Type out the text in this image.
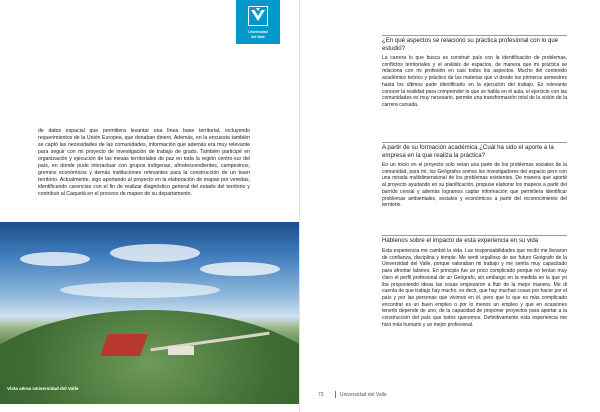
Universidad
del Valle

de datos espacial que permitiera levantar una línea base territorial, incluyendo requerimientos de la Unión Europea, que donaban dinero. Además, en la encuesta también se captó las necesidades de las comunidades, información que además era muy relevante para seguir con mi proyecto de investigación de trabajo de grado. También participé en organización y ejecución de las mesas territoriales de paz en toda la región centro-sur del país, en donde pude interactuar con grupos indígenas, afrodescendientes, campesinos, gremios económicos y demás instituciones relevantes para la construcción de un buen territorio. Actualmente, sigo aportando al proyecto en la elaboración de mapas por veredas, identificando carencias con el fin de realizar diagnóstico general del estado del territorio y contribuir al Caquetá en el proceso de mapeo de su departamento.

Vista aérea Universidad del Valle

¿En qué aspectos se relacionó su práctica profesional con lo que estudió?

La carrera lo que busca es construir país con la identificación de problemas, conflictos territoriales y el análisis de espacios, de manera que mi práctica se relaciona con mi profesión en casi todos los aspectos. Mucho del contenido académico teórico y práctico de las materias que vi desde los primeros semestres hasta los últimos pude identificarlo en la ejecución del trabajo. Es relevante conocer la realidad para comprender lo que se habla en el aula, el ejercicio con las comunidades es muy necesario, permite una transformación total de la visión de la carrera cursada.

A partir de su formación académica ¿Cuál ha sido el aporte a la empresa en la que realiza la práctica?

En un inicio en el proyecto solo veían una parte de los problemas sociales de la comunidad, para mí, los Geógrafos somos los investigadores del espacio pero con una mirada multidimensional de los problemas existentes. De manera que aporté al proyecto ayudando en su planificación, propuse elaborar los mapeos a partir del barrido censal y además logramos captar información que permitiera identificar problemas ambientales, sociales y económicos a partir del reconocimiento del territorio.

Háblenos sobre el impacto de esta experiencia en su vida

Esta experiencia me cambió la vida. Las responsabilidades que recibí me llenaron de confianza, disciplina y temple. Me sentí orgulloso de ser futuro Geógrafo de la Universidad del Valle, porque valoraban mi trabajo y me sentía muy capacitado para afrontar labores. En principio fue un poco complicado porque no tenían muy claro el perfil profesional de un Geógrafo, sin embargo en la medida en la que yo iba proponiendo ideas las cosas empezaron a fluir de la mejor manera. Me di cuenta de que trabajo hay mucho, es decir, que hay muchas cosas por hacer por el país y por las personas que vivimos en él, pero que lo que es más complicado encontrar es un buen empleo o por lo menos un empleo y que en ocasiones tenerlo depende de uno, de la capacidad de proponer proyectos para aportar a la construcción del país que todos queremos. Definitivamente esta experiencia me hizo más humano y un mejor profesional.

72	Universidad del Valle
